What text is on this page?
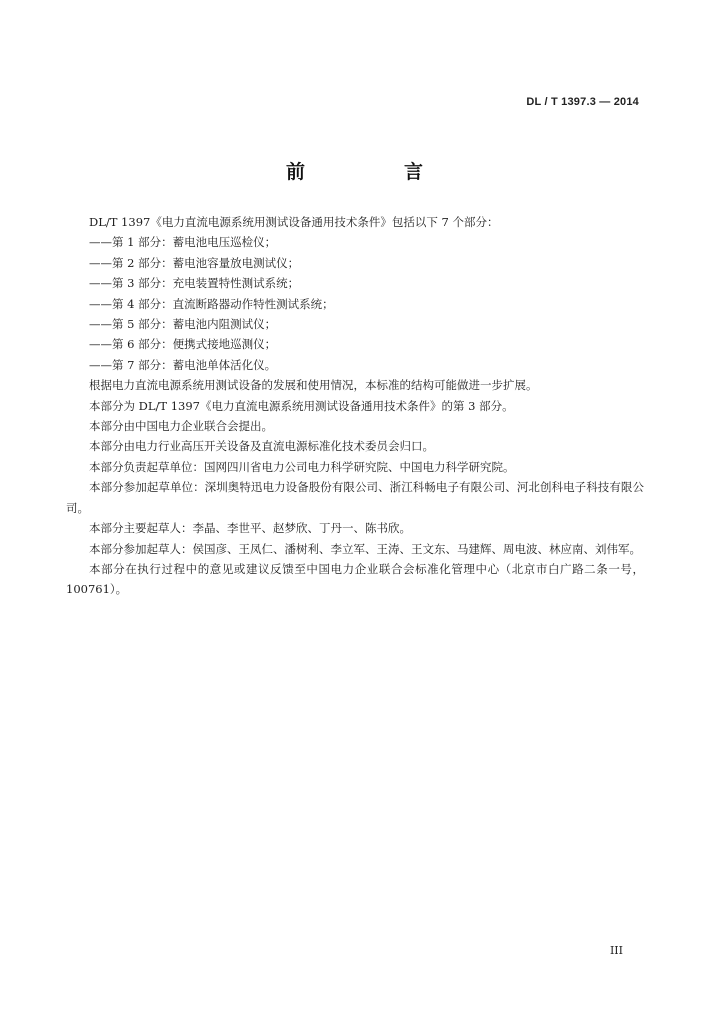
DL / T 1397.3 — 2014
前　言

DL/T 1397《电力直流电源系统用测试设备通用技术条件》包括以下 7 个部分：

——第 1 部分：蓄电池电压巡检仪；

——第 2 部分：蓄电池容量放电测试仪；

——第 3 部分：充电装置特性测试系统；

——第 4 部分：直流断路器动作特性测试系统；

——第 5 部分：蓄电池内阻测试仪；

——第 6 部分：便携式接地巡测仪；

——第 7 部分：蓄电池单体活化仪。

根据电力直流电源系统用测试设备的发展和使用情况，本标准的结构可能做进一步扩展。

本部分为 DL/T 1397《电力直流电源系统用测试设备通用技术条件》的第 3 部分。

本部分由中国电力企业联合会提出。

本部分由电力行业高压开关设备及直流电源标准化技术委员会归口。

本部分负责起草单位：国网四川省电力公司电力科学研究院、中国电力科学研究院。

本部分参加起草单位：深圳奥特迅电力设备股份有限公司、浙江科畅电子有限公司、河北创科电子科技有限公司。

本部分主要起草人：李晶、李世平、赵梦欣、丁丹一、陈书欣。

本部分参加起草人：侯国彦、王凤仁、潘树利、李立军、王涛、王文东、马建辉、周电波、林应南、刘伟军。

本部分在执行过程中的意见或建议反馈至中国电力企业联合会标准化管理中心（北京市白广路二条一号，100761）。

III
